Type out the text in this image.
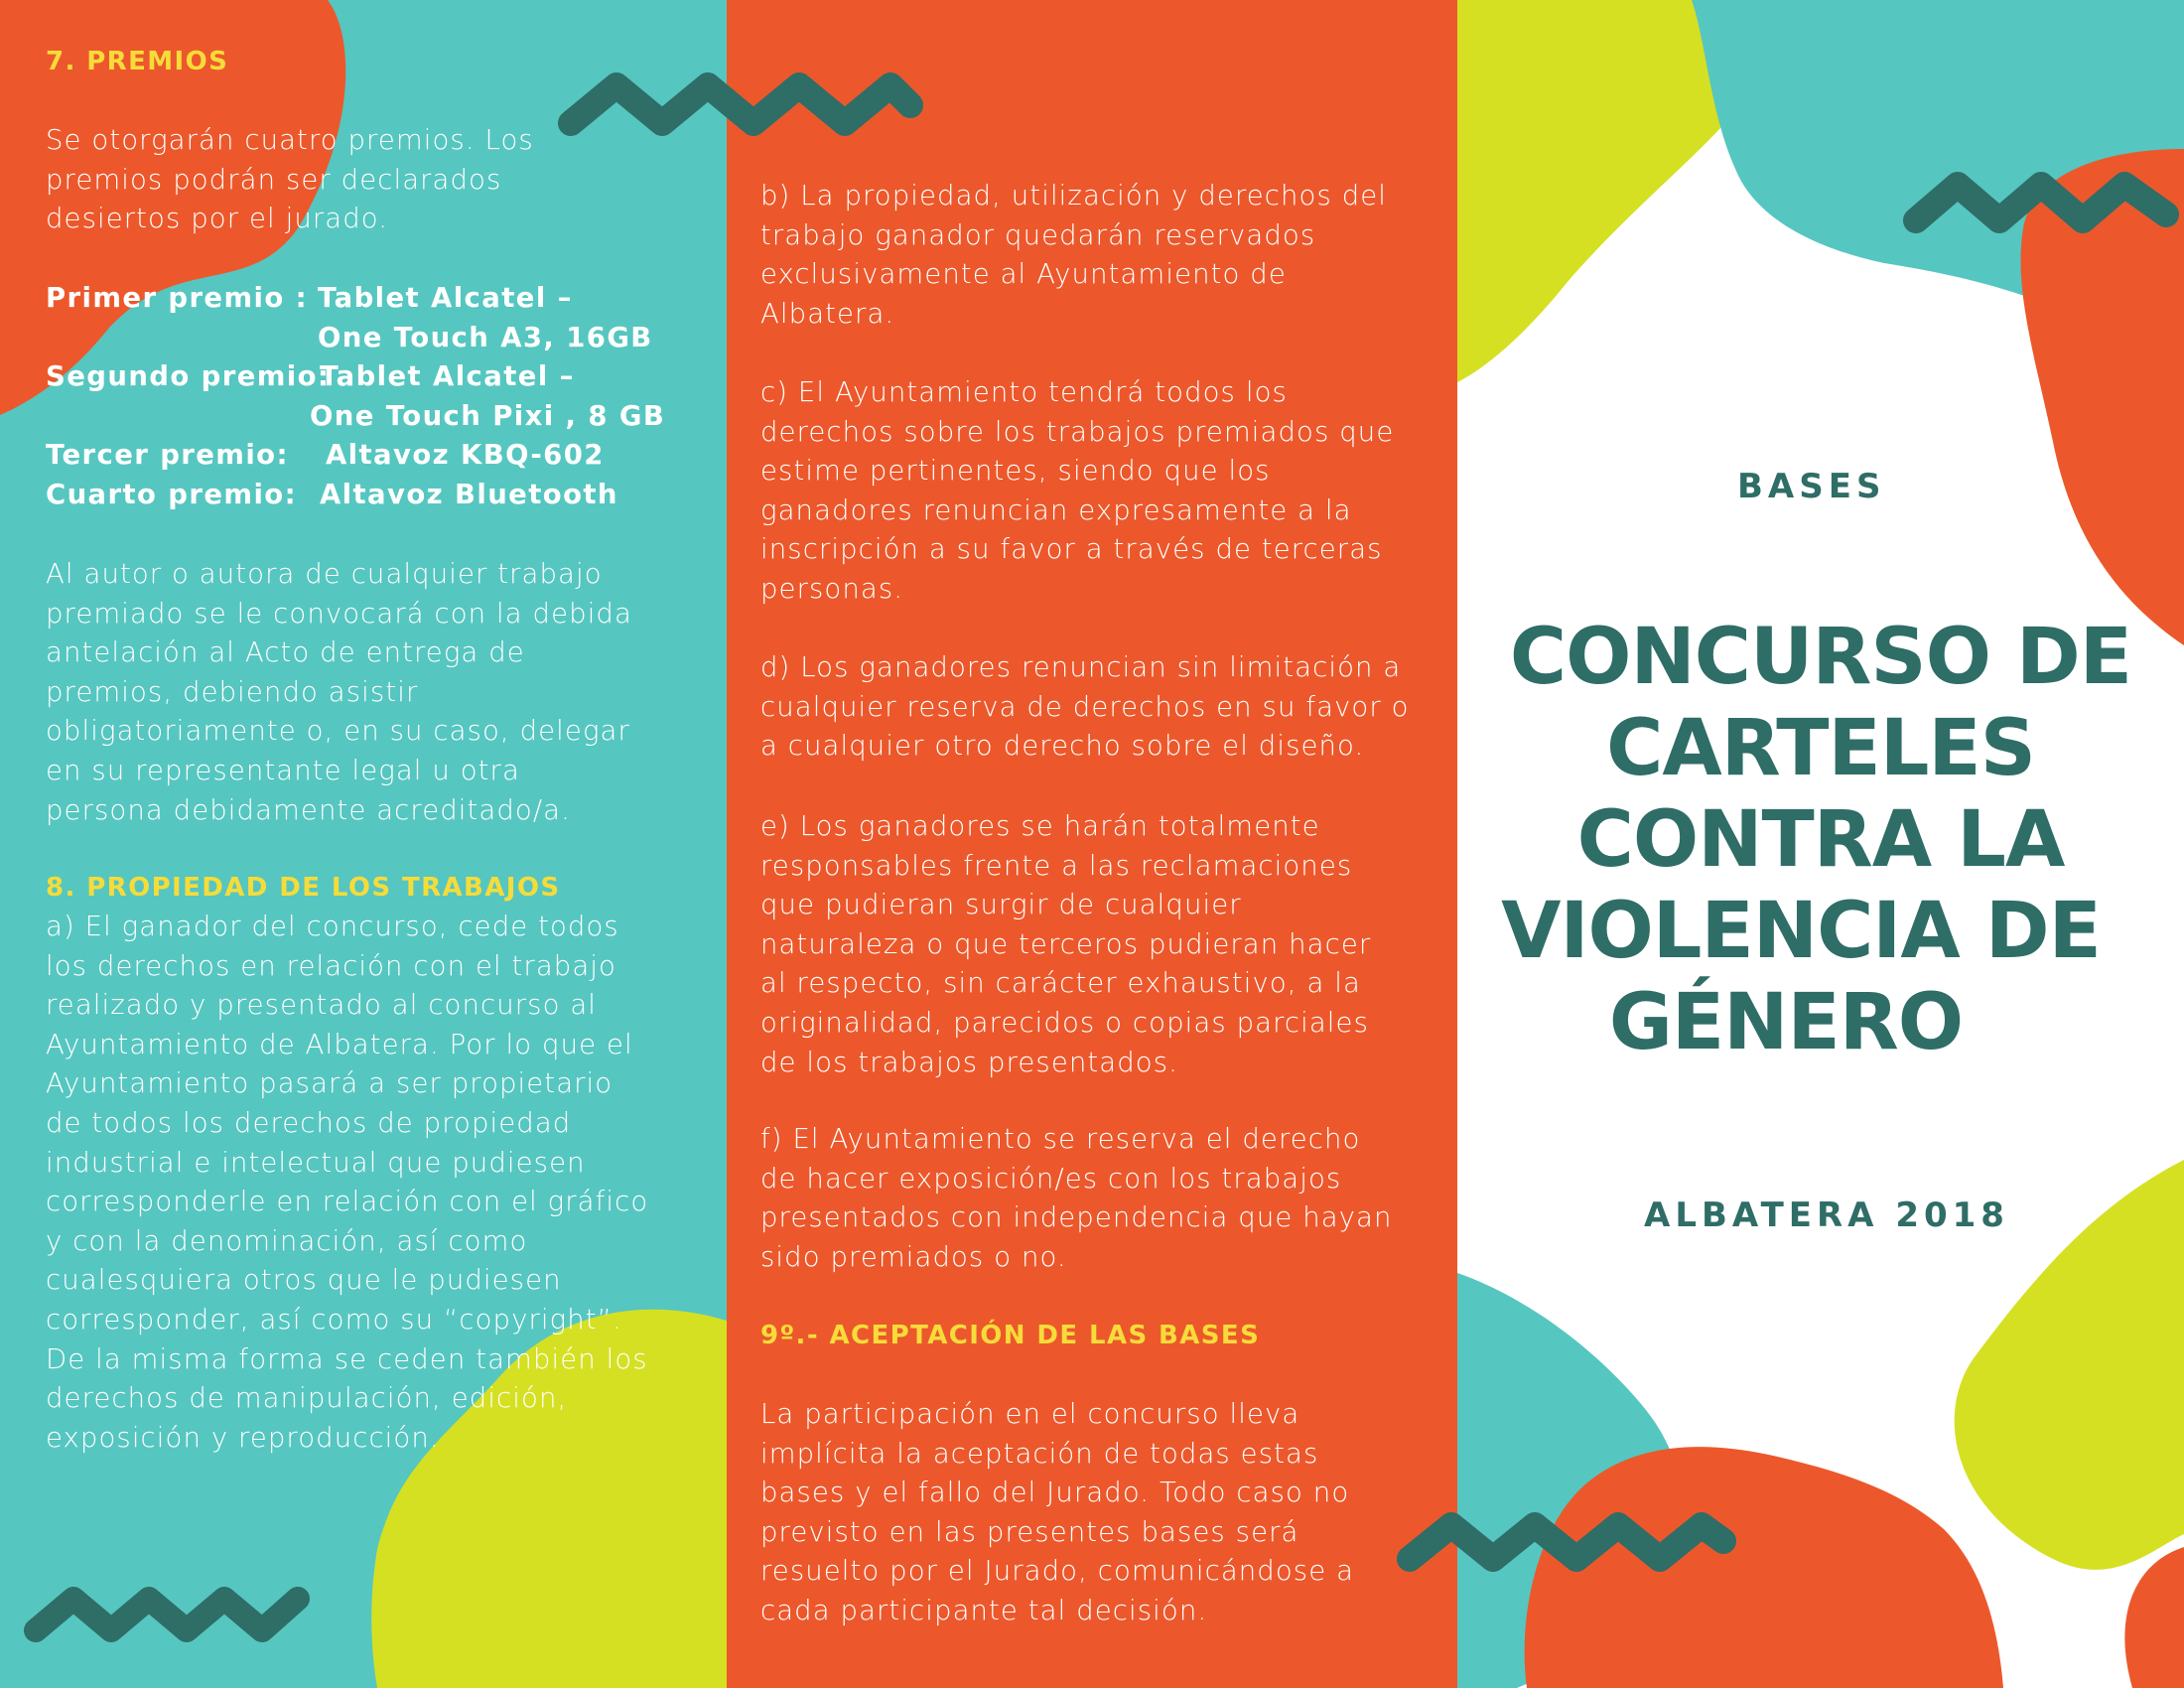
7. PREMIOS
Se otorgarán cuatro premios. Los premios podrán ser declarados desiertos por el jurado.
Primer premio : Tablet Alcatel –
One Touch A3, 16GB
Segundo premio:
Tablet Alcatel –
One Touch Pixi , 8 GB
Tercer premio: Altavoz KBQ-602
Cuarto premio: Altavoz Bluetooth
Al autor o autora de cualquier trabajo premiado se le convocará con la debida antelación al Acto de entrega de premios, debiendo asistir obligatoriamente o, en su caso, delegar en su representante legal u otra persona debidamente acreditado/a.
8. PROPIEDAD DE LOS TRABAJOS
a) El ganador del concurso, cede todos los derechos en relación con el trabajo realizado y presentado al concurso al Ayuntamiento de Albatera. Por lo que el Ayuntamiento pasará a ser propietario de todos los derechos de propiedad industrial e intelectual que pudiesen corresponderle en relación con el gráfico y con la denominación, así como cualesquiera otros que le pudiesen corresponder, así como su “copyright”. De la misma forma se ceden también los derechos de manipulación, edición, exposición y reproducción.
b) La propiedad, utilización y derechos del trabajo ganador quedarán reservados exclusivamente al Ayuntamiento de Albatera.
c) El Ayuntamiento tendrá todos los derechos sobre los trabajos premiados que estime pertinentes, siendo que los ganadores renuncian expresamente a la inscripción a su favor a través de terceras personas.
d) Los ganadores renuncian sin limitación a cualquier reserva de derechos en su favor o a cualquier otro derecho sobre el diseño.
e) Los ganadores se harán totalmente responsables frente a las reclamaciones que pudieran surgir de cualquier naturaleza o que terceros pudieran hacer al respecto, sin carácter exhaustivo, a la originalidad, parecidos o copias parciales de los trabajos presentados.
f) El Ayuntamiento se reserva el derecho de hacer exposición/es con los trabajos presentados con independencia que hayan sido premiados o no.
9º.- ACEPTACIÓN DE LAS BASES
La participación en el concurso lleva implícita la aceptación de todas estas bases y el fallo del Jurado. Todo caso no previsto en las presentes bases será resuelto por el Jurado, comunicándose a cada participante tal decisión.
BASES
ALBATERA 2018
CONCURSO DE
CARTELES
CONTRA LA
VIOLENCIA DE
GÉNERO
